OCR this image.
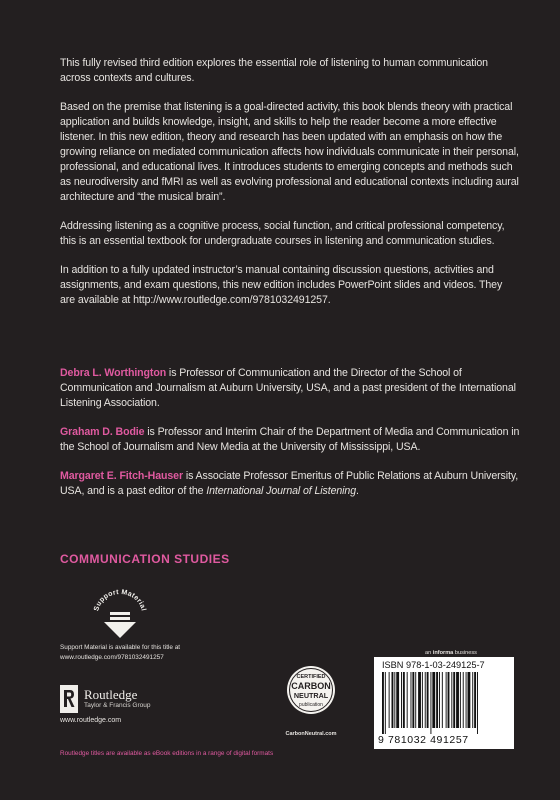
This fully revised third edition explores the essential role of listening to human communication across contexts and cultures.

Based on the premise that listening is a goal-directed activity, this book blends theory with practical application and builds knowledge, insight, and skills to help the reader become a more effective listener. In this new edition, theory and research has been updated with an emphasis on how the growing reliance on mediated communication affects how individuals communicate in their personal, professional, and educational lives. It introduces students to emerging concepts and methods such as neurodiversity and fMRI as well as evolving professional and educational contexts including aural architecture and “the musical brain”.

Addressing listening as a cognitive process, social function, and critical professional competency, this is an essential textbook for undergraduate courses in listening and communication studies.

In addition to a fully updated instructor’s manual containing discussion questions, activities and assignments, and exam questions, this new edition includes PowerPoint slides and videos. They are available at http://www.routledge.com/9781032491257.

Debra L. Worthington is Professor of Communication and the Director of the School of Communication and Journalism at Auburn University, USA, and a past president of the International Listening Association.

Graham D. Bodie is Professor and Interim Chair of the Department of Media and Communication in the School of Journalism and New Media at the University of Mississippi, USA.

Margaret E. Fitch-Hauser is Associate Professor Emeritus of Public Relations at Auburn University, USA, and is a past editor of the International Journal of Listening.

COMMUNICATION STUDIES
Support Material
Support Material is available for this title at
www.routledge.com/9781032491257
Routledge
Taylor & Francis Group
www.routledge.com
CERTIFIED
CARBON
NEUTRAL
publication
CarbonNeutral.com
an informa business
ISBN 978-1-03-249125-7
9 781032 491257
Routledge titles are available as eBook editions in a range of digital formats
